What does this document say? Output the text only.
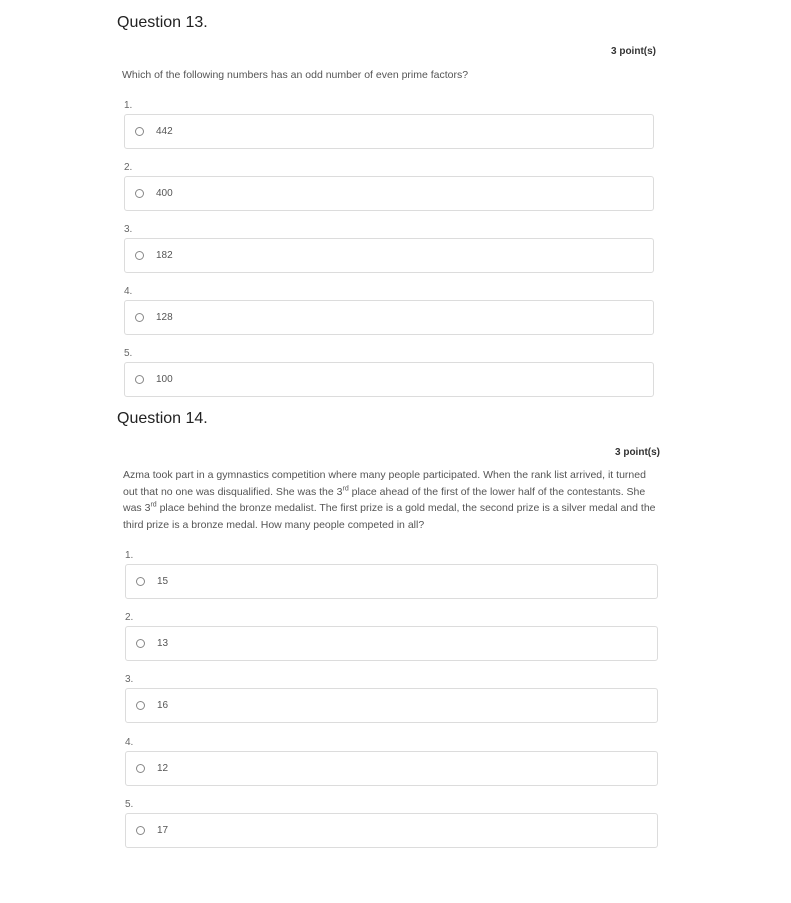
Question 13.
3 point(s)

Which of the following numbers has an odd number of even prime factors?

1.
442
2.
400
3.
182
4.
128
5.
100
Question 14.
3 point(s)

Azma took part in a gymnastics competition where many people participated. When the rank list arrived, it turned out that no one was disqualified. She was the 3rd place ahead of the first of the lower half of the contestants. She was 3rd place behind the bronze medalist. The first prize is a gold medal, the second prize is a silver medal and the third prize is a bronze medal. How many people competed in all?

1.
15
2.
13
3.
16
4.
12
5.
17
